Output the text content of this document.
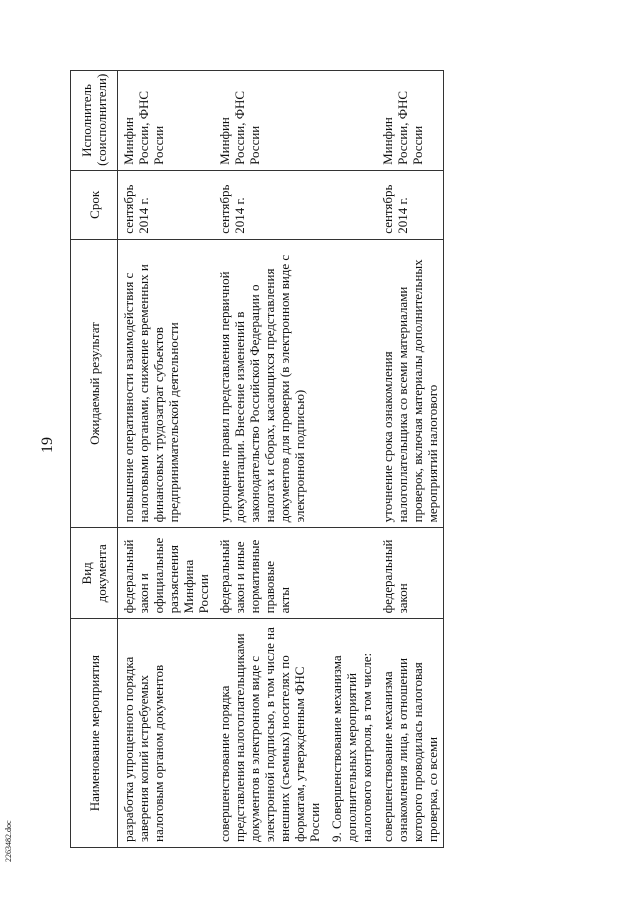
19
2263482.doc
Наименование мероприятия	Вид документа	Ожидаемый результат	Срок	Исполнитель (соисполнители)
разработка упрощенного порядка заверения копий истребуемых налоговым органом документов	федеральный закон и официальные разъяснения Минфина России	повышение оперативности взаимодействия с налоговыми органами, снижение временных и финансовых трудозатрат субъектов предпринимательской деятельности	сентябрь 2014 г.	Минфин России, ФНС России
совершенствование порядка представления налогоплательщиками документов в электронном виде с электронной подписью, в том числе на внешних (съемных) носителях по форматам, утвержденным ФНС России	федеральный закон и иные нормативные правовые акты	упрощение правил представления первичной документации. Внесение изменений в законодательство Российской Федерации о налогах и сборах, касающихся представления документов для проверки (в электронном виде с электронной подписью)	сентябрь 2014 г.	Минфин России, ФНС России
9. Совершенствование механизма дополнительных мероприятий налогового контроля, в том числе:				
совершенствование механизма ознакомления лица, в отношении которого проводилась налоговая проверка, со всеми	федеральный закон	уточнение срока ознакомления налогоплательщика со всеми материалами проверок, включая материалы дополнительных мероприятий налогового	сентябрь 2014 г.	Минфин России, ФНС России
